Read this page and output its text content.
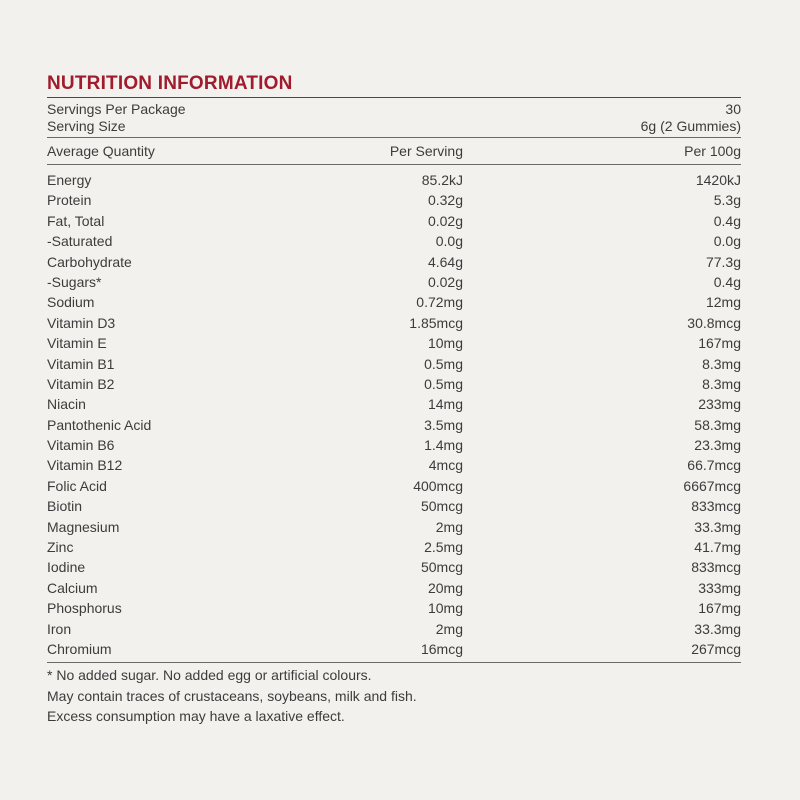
NUTRITION INFORMATION
Servings Per Package	30
Serving Size	6g (2 Gummies)
Average Quantity	Per Serving	Per 100g
Energy	85.2kJ	1420kJ
Protein	0.32g	5.3g
Fat, Total	0.02g	0.4g
-Saturated	0.0g	0.0g
Carbohydrate	4.64g	77.3g
-Sugars*	0.02g	0.4g
Sodium	0.72mg	12mg
Vitamin D3	1.85mcg	30.8mcg
Vitamin E	10mg	167mg
Vitamin B1	0.5mg	8.3mg
Vitamin B2	0.5mg	8.3mg
Niacin	14mg	233mg
Pantothenic Acid	3.5mg	58.3mg
Vitamin B6	1.4mg	23.3mg
Vitamin B12	4mcg	66.7mcg
Folic Acid	400mcg	6667mcg
Biotin	50mcg	833mcg
Magnesium	2mg	33.3mg
Zinc	2.5mg	41.7mg
Iodine	50mcg	833mcg
Calcium	20mg	333mg
Phosphorus	10mg	167mg
Iron	2mg	33.3mg
Chromium	16mcg	267mcg
* No added sugar. No added egg or artificial colours.
May contain traces of crustaceans, soybeans, milk and fish.
Excess consumption may have a laxative effect.
